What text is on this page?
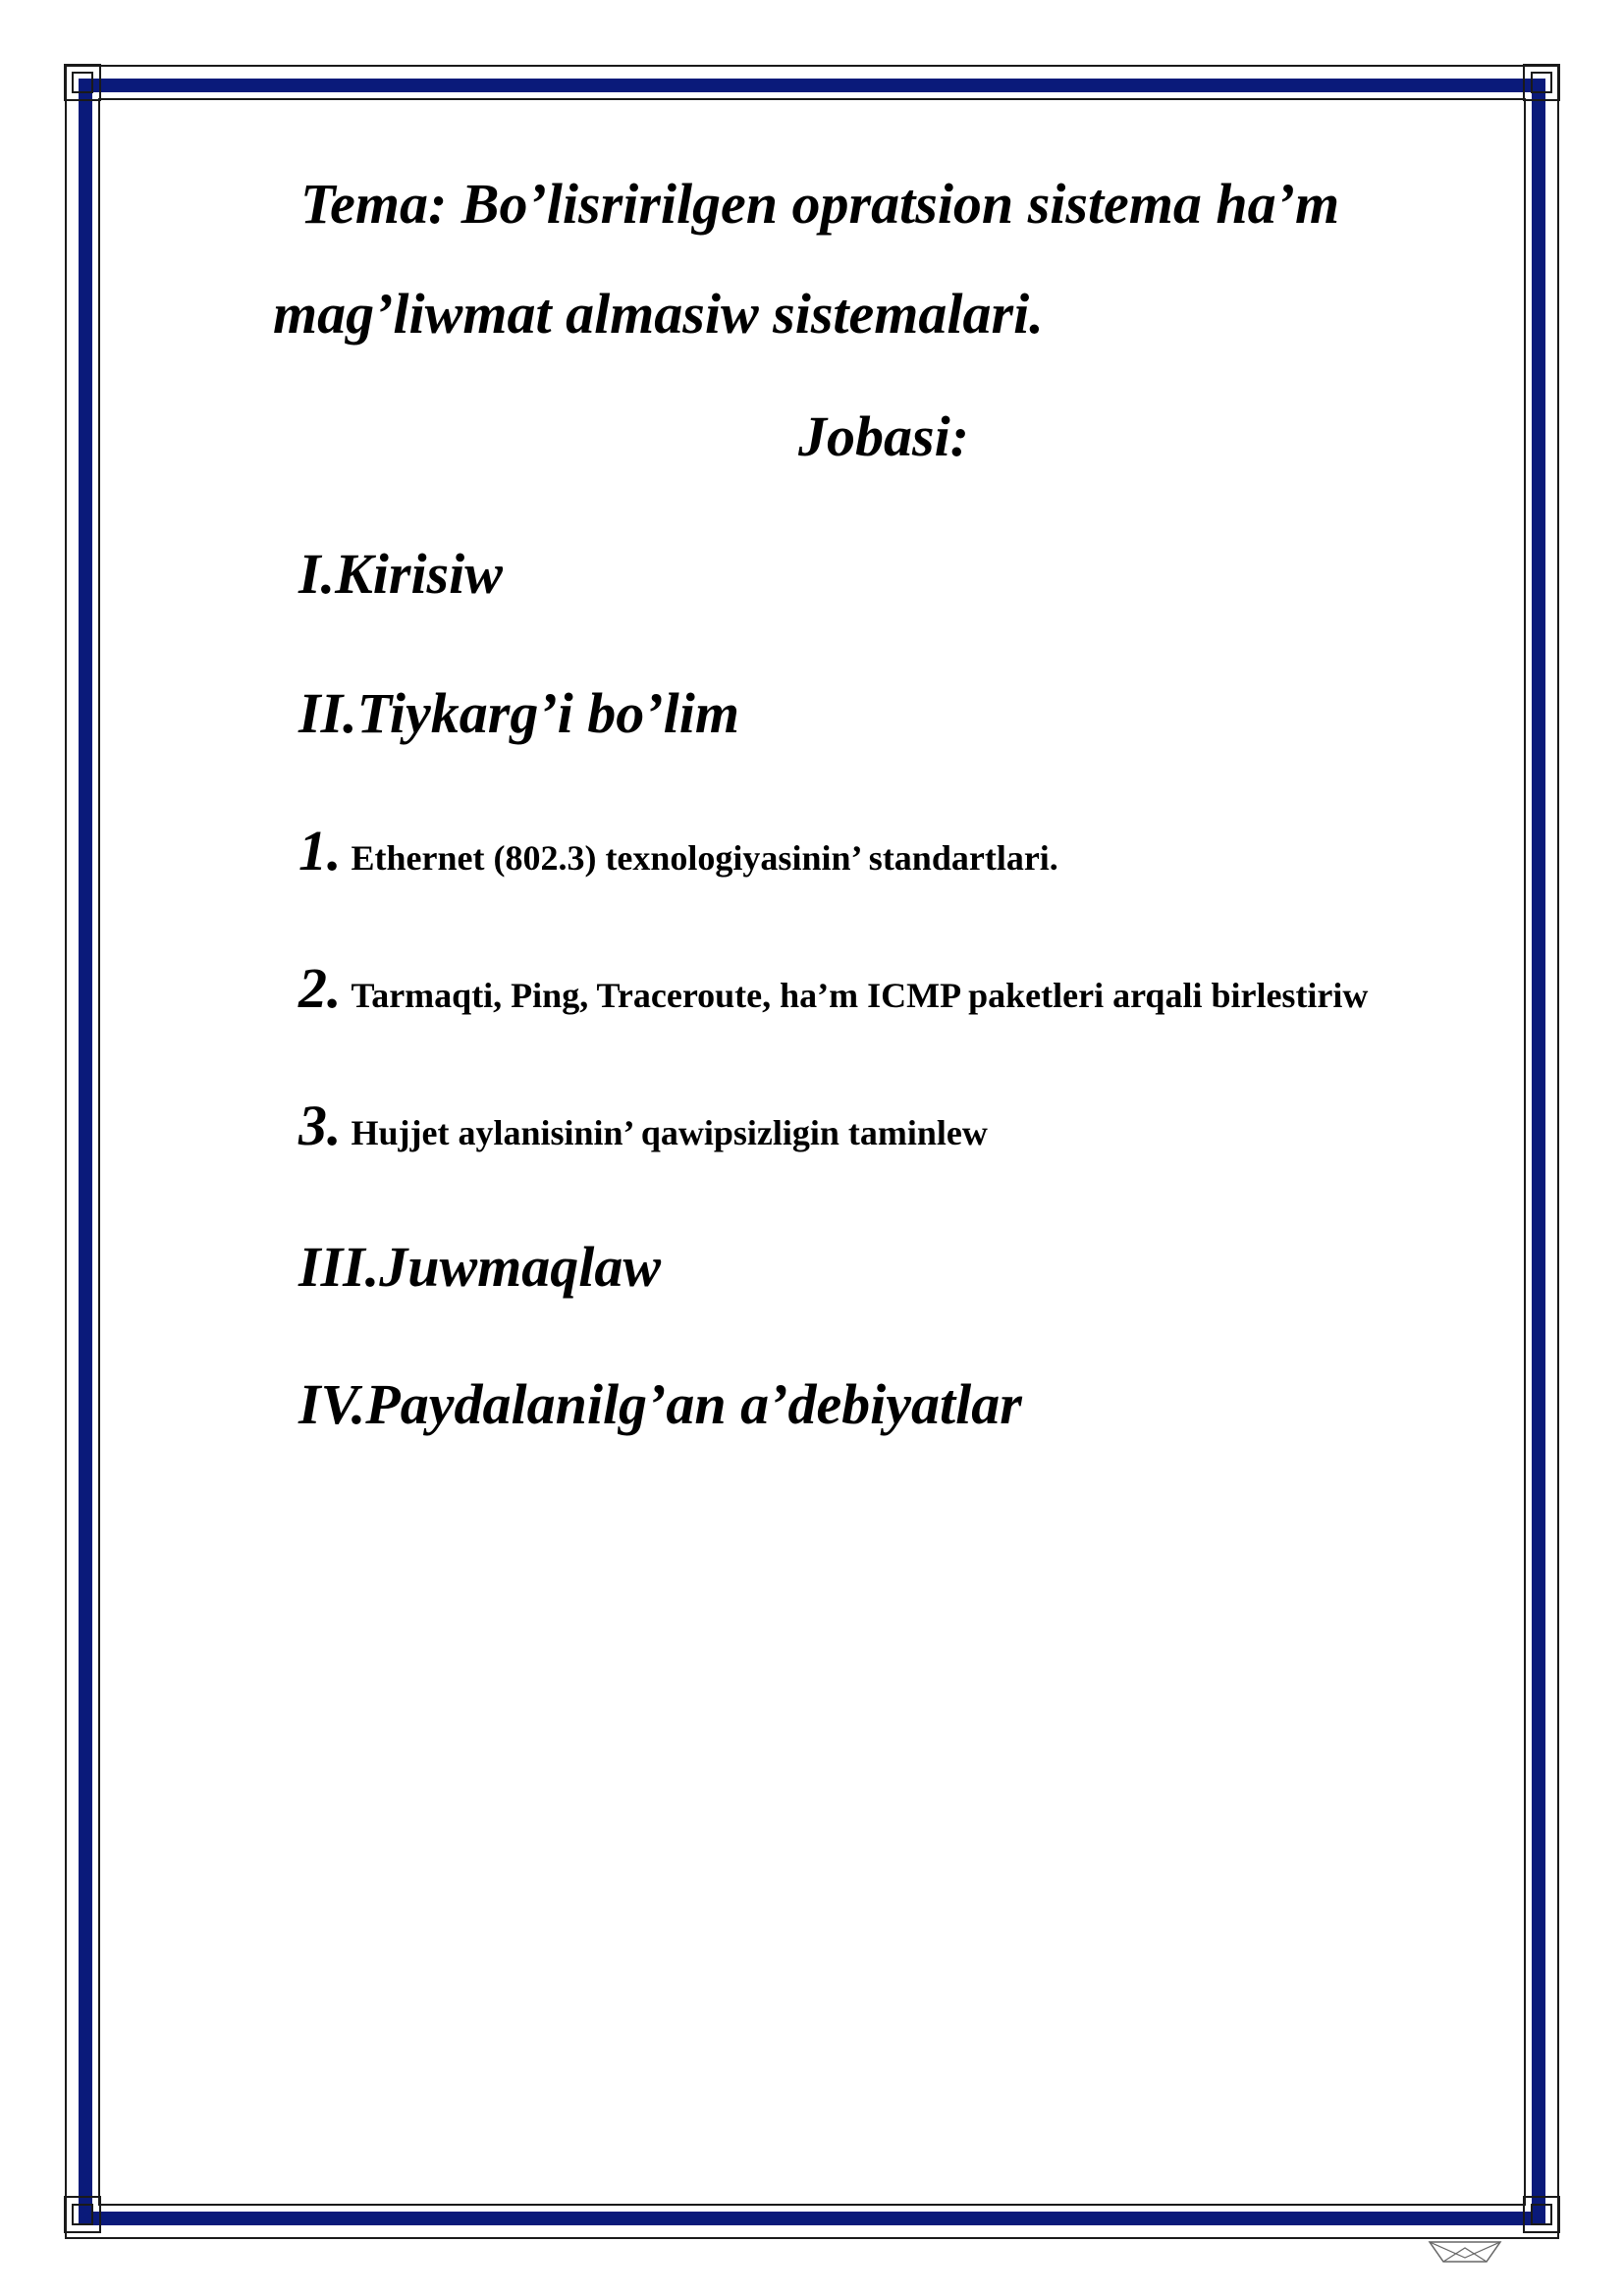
Tema: Bo’lisririlgen opratsion sistema ha’m mag’liwmat almasiw sistemalari.

Jobasi:

I.Kirisiw

II.Tiykarg’i bo’lim

1. Ethernet (802.3) texnologiyasinin’ standartlari.

2. Tarmaqti, Ping, Traceroute, ha’m ICMP paketleri arqali birlestiriw

3. Hujjet aylanisinin’ qawipsizligin taminlew

III.Juwmaqlaw

IV.Paydalanilg’an a’debiyatlar
